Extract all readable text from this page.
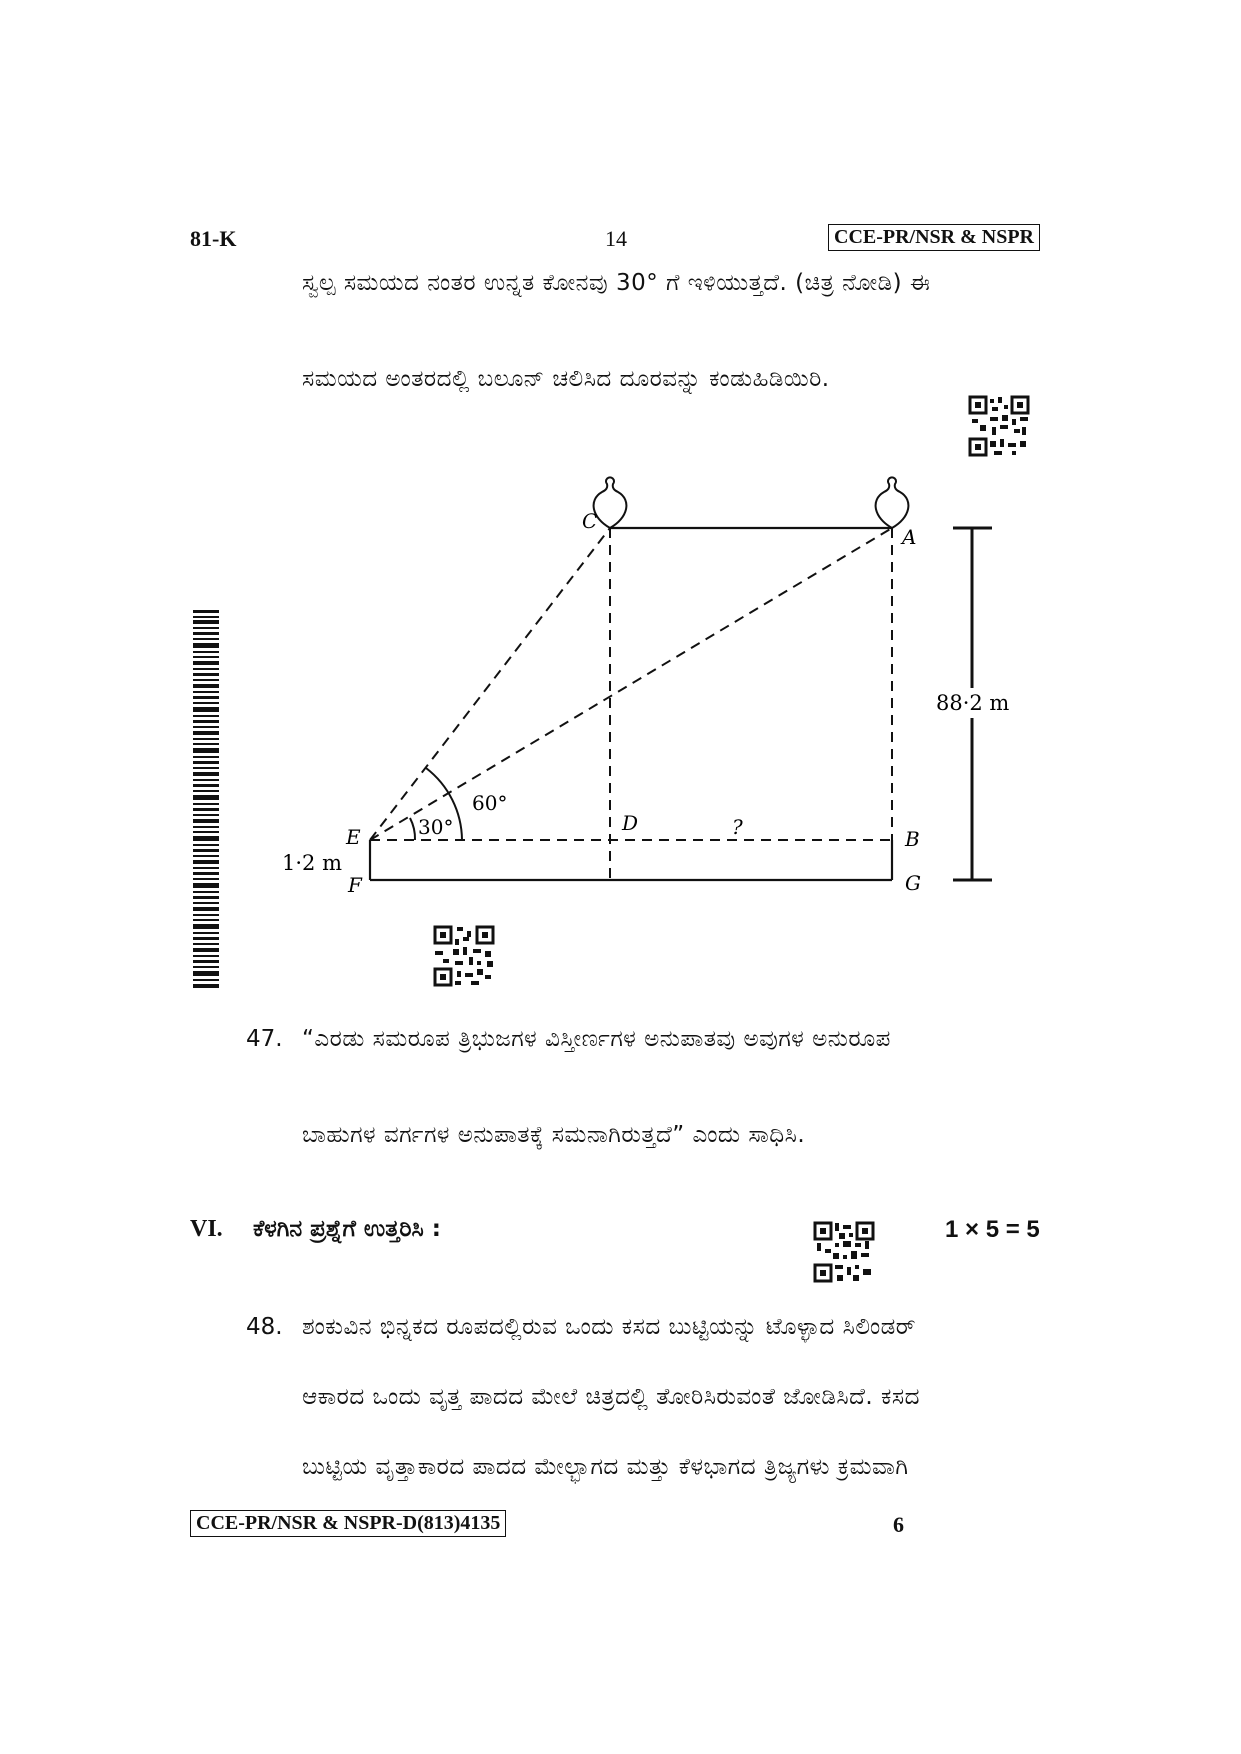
81-K	14	CCE-PR/NSR & NSPR
ಸ್ವಲ್ಪ ಸಮಯದ ನಂತರ ಉನ್ನತ ಕೋನವು 30° ಗೆ ಇಳಿಯುತ್ತದೆ. (ಚಿತ್ರ ನೋಡಿ) ಈ
ಸಮಯದ ಅಂತರದಲ್ಲಿ ಬಲೂನ್ ಚಲಿಸಿದ ದೂರವನ್ನು ಕಂಡುಹಿಡಿಯಿರಿ.
C
A
D	?	B
E
F	G
30°
60°
88·2 m
1·2 m
47. “ಎರಡು ಸಮರೂಪ ತ್ರಿಭುಜಗಳ ವಿಸ್ತೀರ್ಣಗಳ ಅನುಪಾತವು ಅವುಗಳ ಅನುರೂಪ
ಬಾಹುಗಳ ವರ್ಗಗಳ ಅನುಪಾತಕ್ಕೆ ಸಮನಾಗಿರುತ್ತದೆ” ಎಂದು ಸಾಧಿಸಿ.
VI. ಕೆಳಗಿನ ಪ್ರಶ್ನೆಗೆ ಉತ್ತರಿಸಿ :	1 × 5 = 5
48. ಶಂಕುವಿನ ಭಿನ್ನಕದ ರೂಪದಲ್ಲಿರುವ ಒಂದು ಕಸದ ಬುಟ್ಟಿಯನ್ನು ಟೊಳ್ಳಾದ ಸಿಲಿಂಡರ್
ಆಕಾರದ ಒಂದು ವೃತ್ತ ಪಾದದ ಮೇಲೆ ಚಿತ್ರದಲ್ಲಿ ತೋರಿಸಿರುವಂತೆ ಜೋಡಿಸಿದೆ. ಕಸದ
ಬುಟ್ಟಿಯ ವೃತ್ತಾಕಾರದ ಪಾದದ ಮೇಲ್ಭಾಗದ ಮತ್ತು ಕೆಳಭಾಗದ ತ್ರಿಜ್ಯಗಳು ಕ್ರಮವಾಗಿ
CCE-PR/NSR & NSPR-D(813)4135	6
